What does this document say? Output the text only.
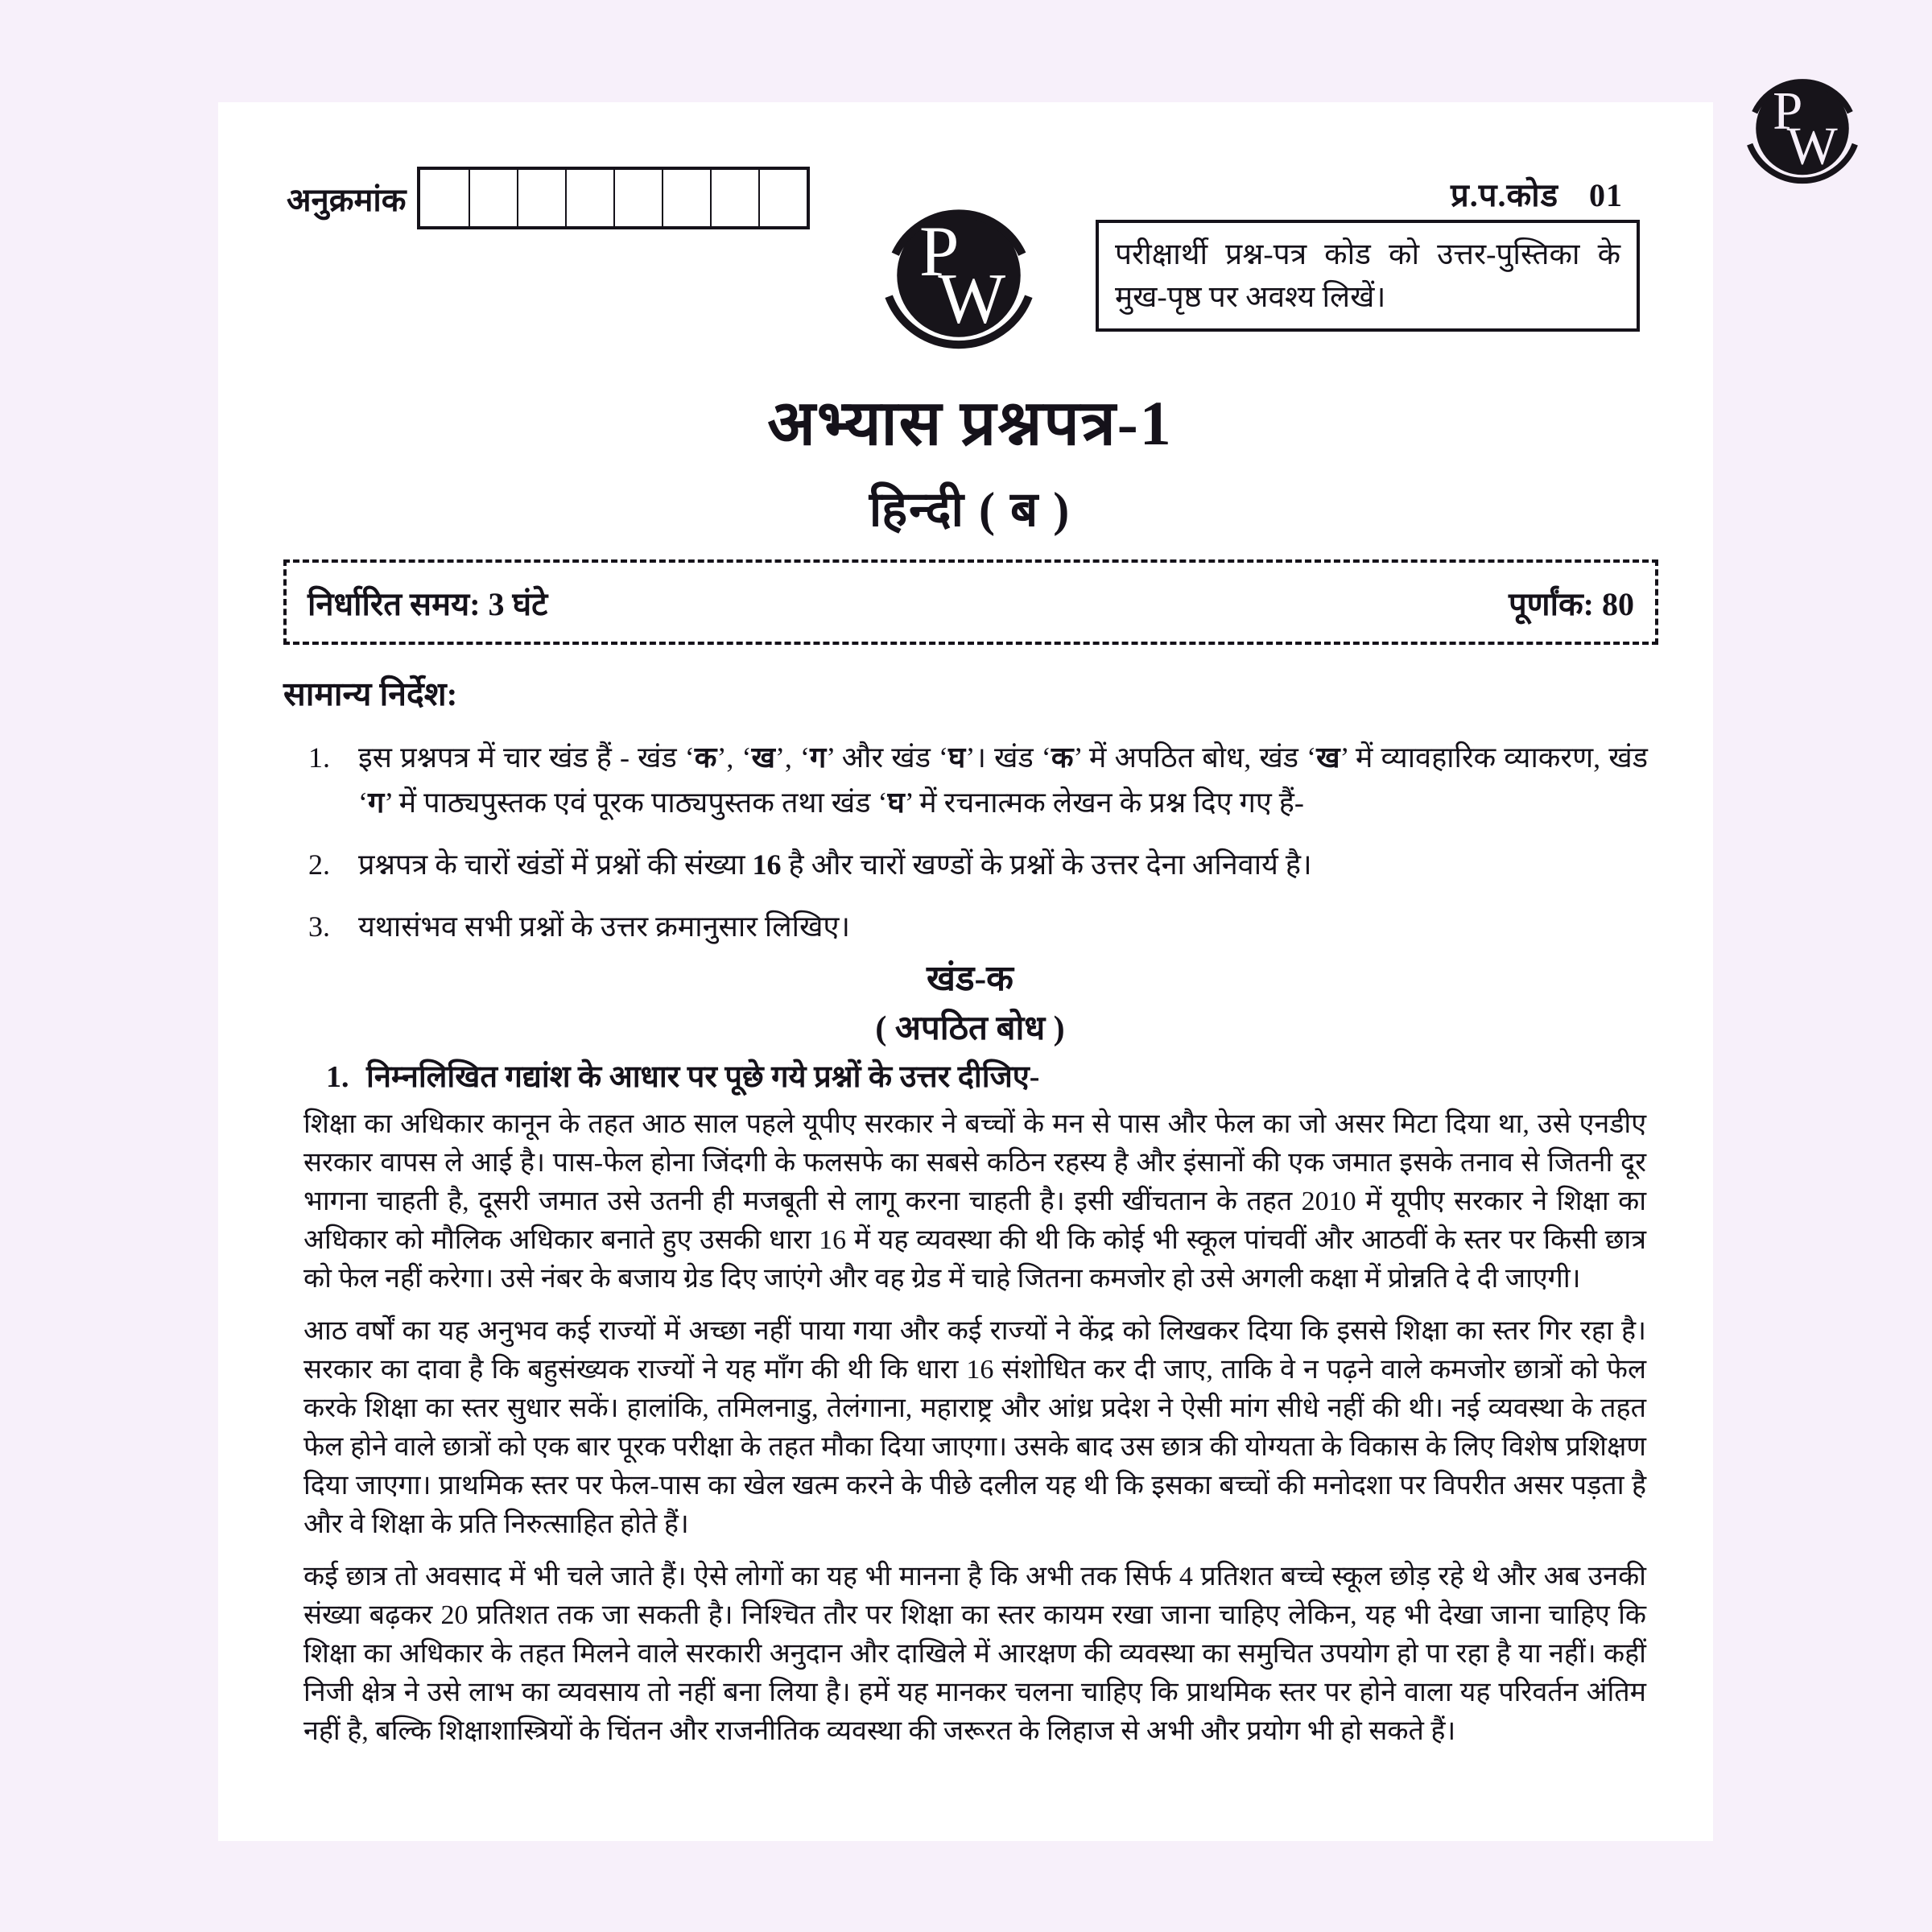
P
W
अनुक्रमांक	प्र.प.कोड 01
P
W
परीक्षार्थी प्रश्न-पत्र कोड को उत्तर-पुस्तिका के
मुख-पृष्ठ पर अवश्य लिखें।
अभ्यास प्रश्नपत्र-1
हिन्दी ( ब )
निर्धारित समय: 3 घंटे	पूर्णांक: 80
सामान्य निर्देश:
1. इस प्रश्नपत्र में चार खंड हैं - खंड ‘क’, ‘ख’, ‘ग’ और खंड ‘घ’। खंड ‘क’ में अपठित बोध, खंड ‘ख’ में व्यावहारिक व्याकरण, खंड ‘ग’ में पाठ्यपुस्तक एवं पूरक पाठ्यपुस्तक तथा खंड ‘घ’ में रचनात्मक लेखन के प्रश्न दिए गए हैं-
2. प्रश्नपत्र के चारों खंडों में प्रश्नों की संख्या 16 है और चारों खण्डों के प्रश्नों के उत्तर देना अनिवार्य है।
3. यथासंभव सभी प्रश्नों के उत्तर क्रमानुसार लिखिए।
खंड-क
( अपठित बोध )
1. निम्नलिखित गद्यांश के आधार पर पूछे गये प्रश्नों के उत्तर दीजिए-

शिक्षा का अधिकार कानून के तहत आठ साल पहले यूपीए सरकार ने बच्चों के मन से पास और फेल का जो असर मिटा दिया था, उसे एनडीए सरकार वापस ले आई है। पास-फेल होना जिंदगी के फलसफे का सबसे कठिन रहस्य है और इंसानों की एक जमात इसके तनाव से जितनी दूर भागना चाहती है, दूसरी जमात उसे उतनी ही मजबूती से लागू करना चाहती है। इसी खींचतान के तहत 2010 में यूपीए सरकार ने शिक्षा का अधिकार को मौलिक अधिकार बनाते हुए उसकी धारा 16 में यह व्यवस्था की थी कि कोई भी स्कूल पांचवीं और आठवीं के स्तर पर किसी छात्र को फेल नहीं करेगा। उसे नंबर के बजाय ग्रेड दिए जाएंगे और वह ग्रेड में चाहे जितना कमजोर हो उसे अगली कक्षा में प्रोन्नति दे दी जाएगी।

आठ वर्षों का यह अनुभव कई राज्यों में अच्छा नहीं पाया गया और कई राज्यों ने केंद्र को लिखकर दिया कि इससे शिक्षा का स्तर गिर रहा है। सरकार का दावा है कि बहुसंख्यक राज्यों ने यह माँग की थी कि धारा 16 संशोधित कर दी जाए, ताकि वे न पढ़ने वाले कमजोर छात्रों को फेल करके शिक्षा का स्तर सुधार सकें। हालांकि, तमिलनाडु, तेलंगाना, महाराष्ट्र और आंध्र प्रदेश ने ऐसी मांग सीधे नहीं की थी। नई व्यवस्था के तहत फेल होने वाले छात्रों को एक बार पूरक परीक्षा के तहत मौका दिया जाएगा। उसके बाद उस छात्र की योग्यता के विकास के लिए विशेष प्रशिक्षण दिया जाएगा। प्राथमिक स्तर पर फेल-पास का खेल खत्म करने के पीछे दलील यह थी कि इसका बच्चों की मनोदशा पर विपरीत असर पड़ता है और वे शिक्षा के प्रति निरुत्साहित होते हैं।

कई छात्र तो अवसाद में भी चले जाते हैं। ऐसे लोगों का यह भी मानना है कि अभी तक सिर्फ 4 प्रतिशत बच्चे स्कूल छोड़ रहे थे और अब उनकी संख्या बढ़कर 20 प्रतिशत तक जा सकती है। निश्चित तौर पर शिक्षा का स्तर कायम रखा जाना चाहिए लेकिन, यह भी देखा जाना चाहिए कि शिक्षा का अधिकार के तहत मिलने वाले सरकारी अनुदान और दाखिले में आरक्षण की व्यवस्था का समुचित उपयोग हो पा रहा है या नहीं। कहीं निजी क्षेत्र ने उसे लाभ का व्यवसाय तो नहीं बना लिया है। हमें यह मानकर चलना चाहिए कि प्राथमिक स्तर पर होने वाला यह परिवर्तन अंतिम नहीं है, बल्कि शिक्षाशास्त्रियों के चिंतन और राजनीतिक व्यवस्था की जरूरत के लिहाज से अभी और प्रयोग भी हो सकते हैं।
